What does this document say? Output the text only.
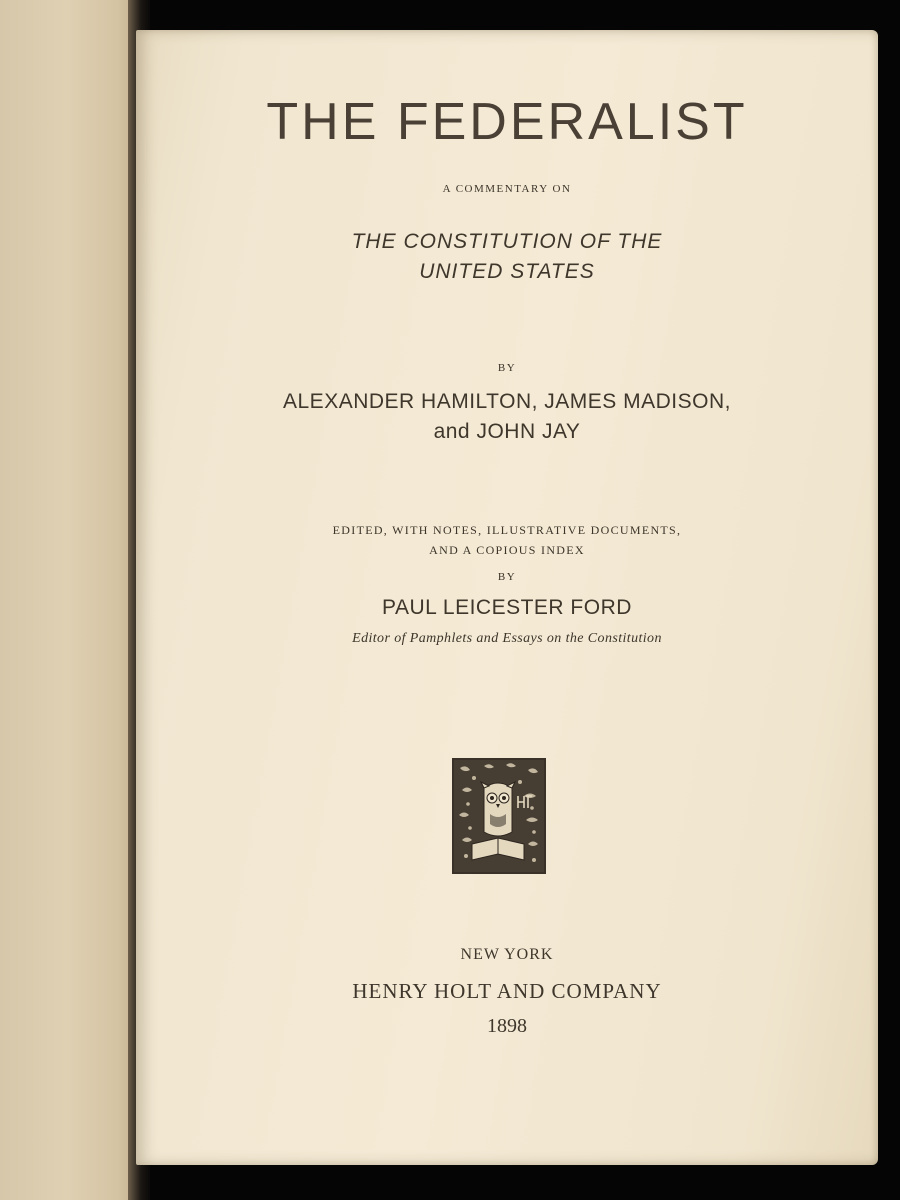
THE FEDERALIST
A COMMENTARY ON
THE CONSTITUTION OF THE
UNITED STATES
BY
ALEXANDER HAMILTON, JAMES MADISON,
and JOHN JAY
EDITED, WITH NOTES, ILLUSTRATIVE DOCUMENTS,
AND A COPIOUS INDEX
BY
PAUL LEICESTER FORD
Editor of Pamphlets and Essays on the Constitution
NEW YORK
HENRY HOLT AND COMPANY
1898
